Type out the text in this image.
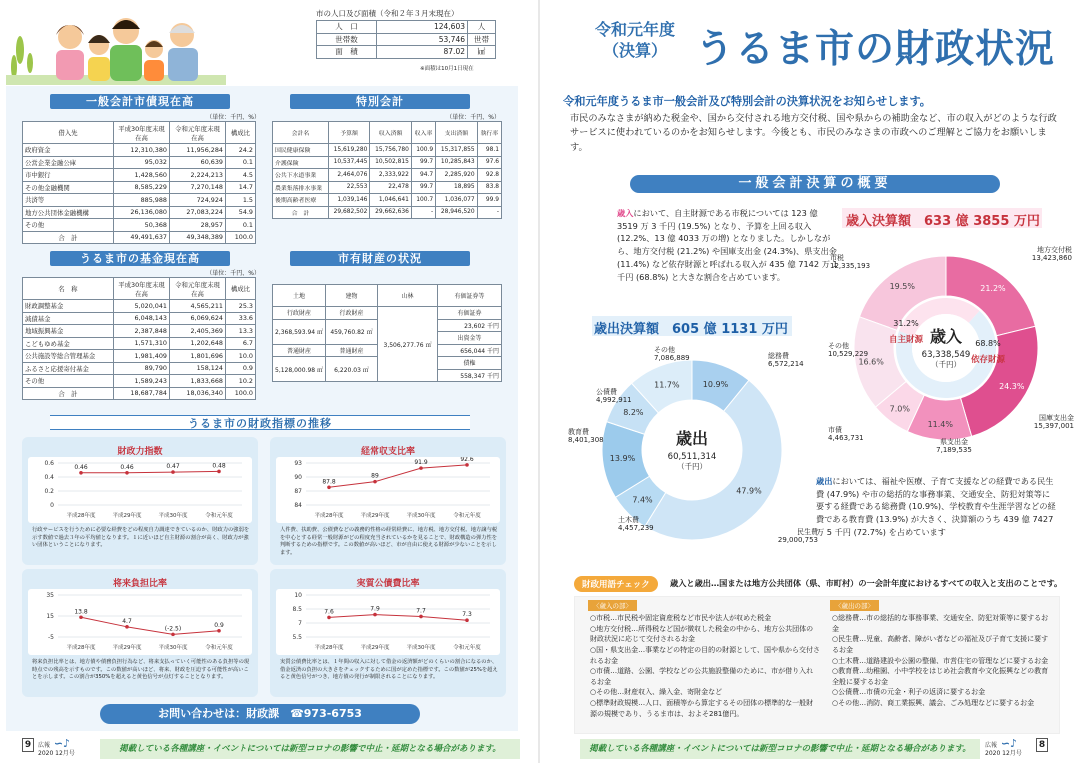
市の人口及び面積（令和２年３月末現在）
人　口	124,603	人
世帯数	53,746	世帯
面　積	87.02	㎢
※面積は10月1日現在
一般会計市債現在高
（単位：千円、%）
借入先	平成30年度末現在高	令和元年度末現在高	構成比
政府資金	12,310,380	11,956,284	24.2
公営企業金融公庫	95,032	60,639	0.1
市中銀行	1,428,560	2,224,213	4.5
その他金融機関	8,585,229	7,270,148	14.7
共済等	885,988	724,924	1.5
地方公共団体金融機構	26,136,080	27,083,224	54.9
その他	50,368	28,957	0.1
合　計	49,491,637	49,348,389	100.0
特別会計
（単位：千円、%）
会計名	予算額	収入済額	収入率	支出済額	執行率
国民健康保険	15,619,280	15,756,780	100.9	15,317,855	98.1
介護保険	10,537,445	10,502,815	99.7	10,285,843	97.6
公共下水道事業	2,464,076	2,333,922	94.7	2,285,920	92.8
農業集落排水事業	22,553	22,478	99.7	18,895	83.8
後期高齢者医療	1,039,146	1,046,641	100.7	1,036,077	99.9
合　計	29,682,502	29,662,636	-	28,946,520	-
うるま市の基金現在高
（単位：千円、%）
名　称	平成30年度末現在高	令和元年度末現在高	構成比
財政調整基金	5,020,041	4,565,211	25.3
減債基金	6,048,143	6,069,624	33.6
地域振興基金	2,387,848	2,405,369	13.3
こどもゆめ基金	1,571,310	1,202,648	6.7
公共施設等総合管理基金	1,981,409	1,801,696	10.0
ふるさと応援寄付基金	89,790	158,124	0.9
その他	1,589,243	1,833,668	10.2
合　計	18,687,784	18,036,340	100.0
市有財産の状況
土地	建物	山林	有価証券等
行政財産	行政財産	3,506,277.76 ㎡	有価証券
2,368,593.94 ㎡	459,760.82 ㎡		23,602 千円
			出資金等
普通財産	普通財産		656,044 千円
5,128,000.98 ㎡	6,220.03 ㎡		債権
			558,347 千円
うるま市の財政指標の推移
財政力指数
0.6
0.4
0.2
0
0.46
平成28年度
0.46
平成29年度
0.47
平成30年度
0.48
令和元年度
行政サービスを行うために必要な経費をどの程度自力調達できているのか、財政力の強弱を示す数値で過去３年の平均値となります。１に近いほど自主財源の割合が高く、財政力が強い団体ということになります。
経常収支比率
93
90
87
84
87.8
平成28年度
89
平成29年度
91.9
平成30年度
92.6
令和元年度
人件費、扶助費、公債費などの義務的性格の経常経費に、地方税、地方交付税、地方譲与税を中心とする経常一般財源がどの程度充当されているかを見ることで、財政構造の弾力性を判断するための指標です。この数値が高いほど、市が自由に使える財源が少ないことを示します。
将来負担比率
35
15
-5
13.8
平成28年度
4.7
平成29年度
(-2.5)
平成30年度
0.9
令和元年度
将来負担比率とは、地方債や債務負担行為など、将来支払っていく可能性のある負担等の現時点での残高を示すものです。この数値が高いほど、将来、財政を圧迫する可能性が高いことを示します。この割合が350%を超えると黄色信号が点灯することとなります。
実質公債費比率
10
8.5
7
5.5
7.6
平成28年度
7.9
平成29年度
7.7
平成30年度
7.3
令和元年度
実質公債費比率とは、１年間の収入に対して借金の返済額がどのくらいの割合になるのか、借金返済の負担の大きさをチェックするために国が定めた指標です。この数値が25%を超えると黄色信号がつき、地方債の発行が制限されることになります。
お問い合わせは：財政課　 ☎973-6753
9	広報 ∽♪
2020 12月号	掲載している各種講座・イベントについては新型コロナの影響で中止・延期となる場合があります。
令和元年度
（決算） うるま市の財政状況
令和元年度うるま市一般会計及び特別会計の決算状況をお知らせします。
市民のみなさまが納めた税金や、国から交付される地方交付税、国や県からの補助金など、市の収入がどのような行政サービスに使われているのかをお知らせします。今後とも、市民のみなさまの市政へのご理解とご協力をお願いします。
一般会計決算の概要
歳入において、自主財源である市税については 123 億 3519 万 3 千円 (19.5%) となり、予算を上回る収入 (12.2%、13 億 4033 万の増) となりました。しかしながら、地方交付税 (21.2%) や国庫支出金 (24.3%)、県支出金 (11.4%) など依存財源と呼ばれる収入が 435 億 7142 万 1 千円 (68.8%) と大きな割合を占めています。
歳入決算額　633 億 3855 万円
歳出決算額　605 億 1131 万円
19.5%	21.2%
24.3%
11.4%
7.0%
16.6%
歳入
63,338,549
（千円）
31.2%
自主財源	68.8%
依存財源
市税
12,335,193
地方交付税
13,423,860
国庫支出金
15,397,001
県支出金
7,189,535
市債
4,463,731
その他
10,529,229
10.9%
47.9%
7.4%
13.9%
8.2%
11.7%
歳出
60,511,314
（千円）
総務費
6,572,214
民生費
29,000,753
土木費
4,457,239
教育費
8,401,308
公債費
4,992,911
その他
7,086,889
歳出においては、福祉や医療、子育て支援などの経費である民生費 (47.9%) や市の総括的な事務事業、交通安全、防犯対策等に要する経費である総務費 (10.9%)、学校教育や生涯学習などの経費である教育費 (13.9%) が大きく、決算額のうち 439 億 7427 万 5 千円 (72.7%) を占めています
財政用語チェック	歳入と歳出…国または地方公共団体（県、市町村）の一会計年度におけるすべての収入と支出のことです。
〈歳入の部〉	〈歳出の部〉
○市税…市民税や固定資産税など市民や法人が収めた税金
○地方交付税…所得税など国が徴収した税金の中から、地方公共団体の財政状況に応じて交付されるお金
○国・県支出金…事業などの特定の目的の財源として、国や県から交付されるお金
○市債…道路、公園、学校などの公共施設整備のために、市が借り入れるお金
○その他…財産収入、繰入金、寄附金など
○標準財政規模…人口、面積等から算定するその団体の標準的な一般財源の規模であり、うるま市は、およそ281億円。
○総務費…市の総括的な事務事業、交通安全、防犯対策等に要するお金
○民生費…児童、高齢者、障がい者などの福祉及び子育て支援に要するお金
○土木費…道路建設や公園の整備、市営住宅の管理などに要するお金
○教育費…幼稚園、小中学校をはじめ社会教育や文化振興などの教育全般に要するお金
○公債費…市債の元金・利子の返済に要するお金
○その他…消防、商工業振興、議会、ごみ処理などに要するお金
掲載している各種講座・イベントについては新型コロナの影響で中止・延期となる場合があります。	広報 ∽♪
2020 12月号
8
